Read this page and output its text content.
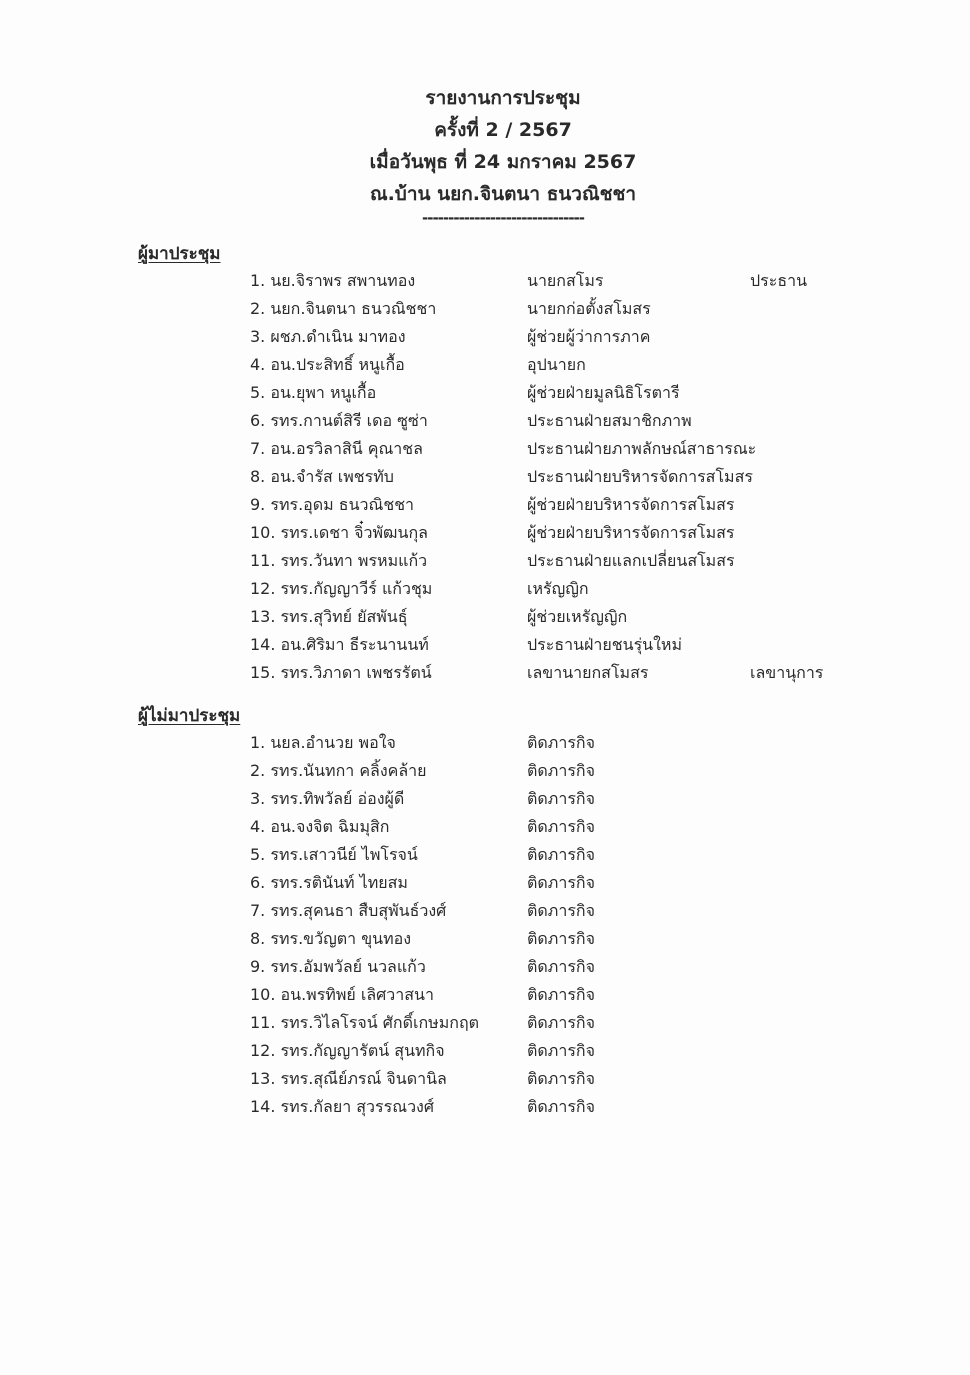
รายงานการประชุม
ครั้งที่ 2 / 2567
เมื่อวันพุธ ที่ 24 มกราคม 2567
ณ.บ้าน นยก.จินตนา ธนวณิชชา
-------------------------------
ผู้มาประชุม
1. นย.จิราพร สพานทอง	นายกสโมร	ประธาน
2. นยก.จินตนา ธนวณิชชา	นายกก่อตั้งสโมสร
3. ผชภ.ดำเนิน มาทอง	ผู้ช่วยผู้ว่าการภาค
4. อน.ประสิทธิ์ หนูเกื้อ	อุปนายก
5. อน.ยุพา หนูเกื้อ	ผู้ช่วยฝ่ายมูลนิธิโรตารี
6. รทร.กานต์สิรี เดอ ซูซ่า	ประธานฝ่ายสมาชิกภาพ
7. อน.อรวิลาสินี คุณาชล	ประธานฝ่ายภาพลักษณ์สาธารณะ
8. อน.จำรัส เพชรทับ	ประธานฝ่ายบริหารจัดการสโมสร
9. รทร.อุดม ธนวณิชชา	ผู้ช่วยฝ่ายบริหารจัดการสโมสร
10. รทร.เดชา จิ๋วพัฒนกุล	ผู้ช่วยฝ่ายบริหารจัดการสโมสร
11. รทร.วันทา พรหมแก้ว	ประธานฝ่ายแลกเปลี่ยนสโมสร
12. รทร.กัญญาวีร์ แก้วชุม	เหรัญญิก
13. รทร.สุวิทย์ ยัสพันธุ์	ผู้ช่วยเหรัญญิก
14. อน.ศิริมา ธีระนานนท์	ประธานฝ่ายชนรุ่นใหม่
15. รทร.วิภาดา เพชรรัตน์	เลขานายกสโมสร	เลขานุการ
ผู้ไม่มาประชุม
1. นยล.อำนวย พอใจ	ติดภารกิจ
2. รทร.นันทกา คลิ้งคล้าย	ติดภารกิจ
3. รทร.ทิพวัลย์ อ่องผู้ดี	ติดภารกิจ
4. อน.จงจิต ฉิมมุสิก	ติดภารกิจ
5. รทร.เสาวนีย์ ไพโรจน์	ติดภารกิจ
6. รทร.รตินันท์ ไทยสม	ติดภารกิจ
7. รทร.สุคนธา สืบสุพันธ์วงศ์	ติดภารกิจ
8. รทร.ขวัญตา ขุนทอง	ติดภารกิจ
9. รทร.อัมพวัลย์ นวลแก้ว	ติดภารกิจ
10. อน.พรทิพย์ เลิศวาสนา	ติดภารกิจ
11. รทร.วิไลโรจน์ ศักดิ์เกษมกฤต	ติดภารกิจ
12. รทร.กัญญารัตน์ สุนทกิจ	ติดภารกิจ
13. รทร.สุณีย์ภรณ์ จินดานิล	ติดภารกิจ
14. รทร.กัลยา สุวรรณวงศ์	ติดภารกิจ
